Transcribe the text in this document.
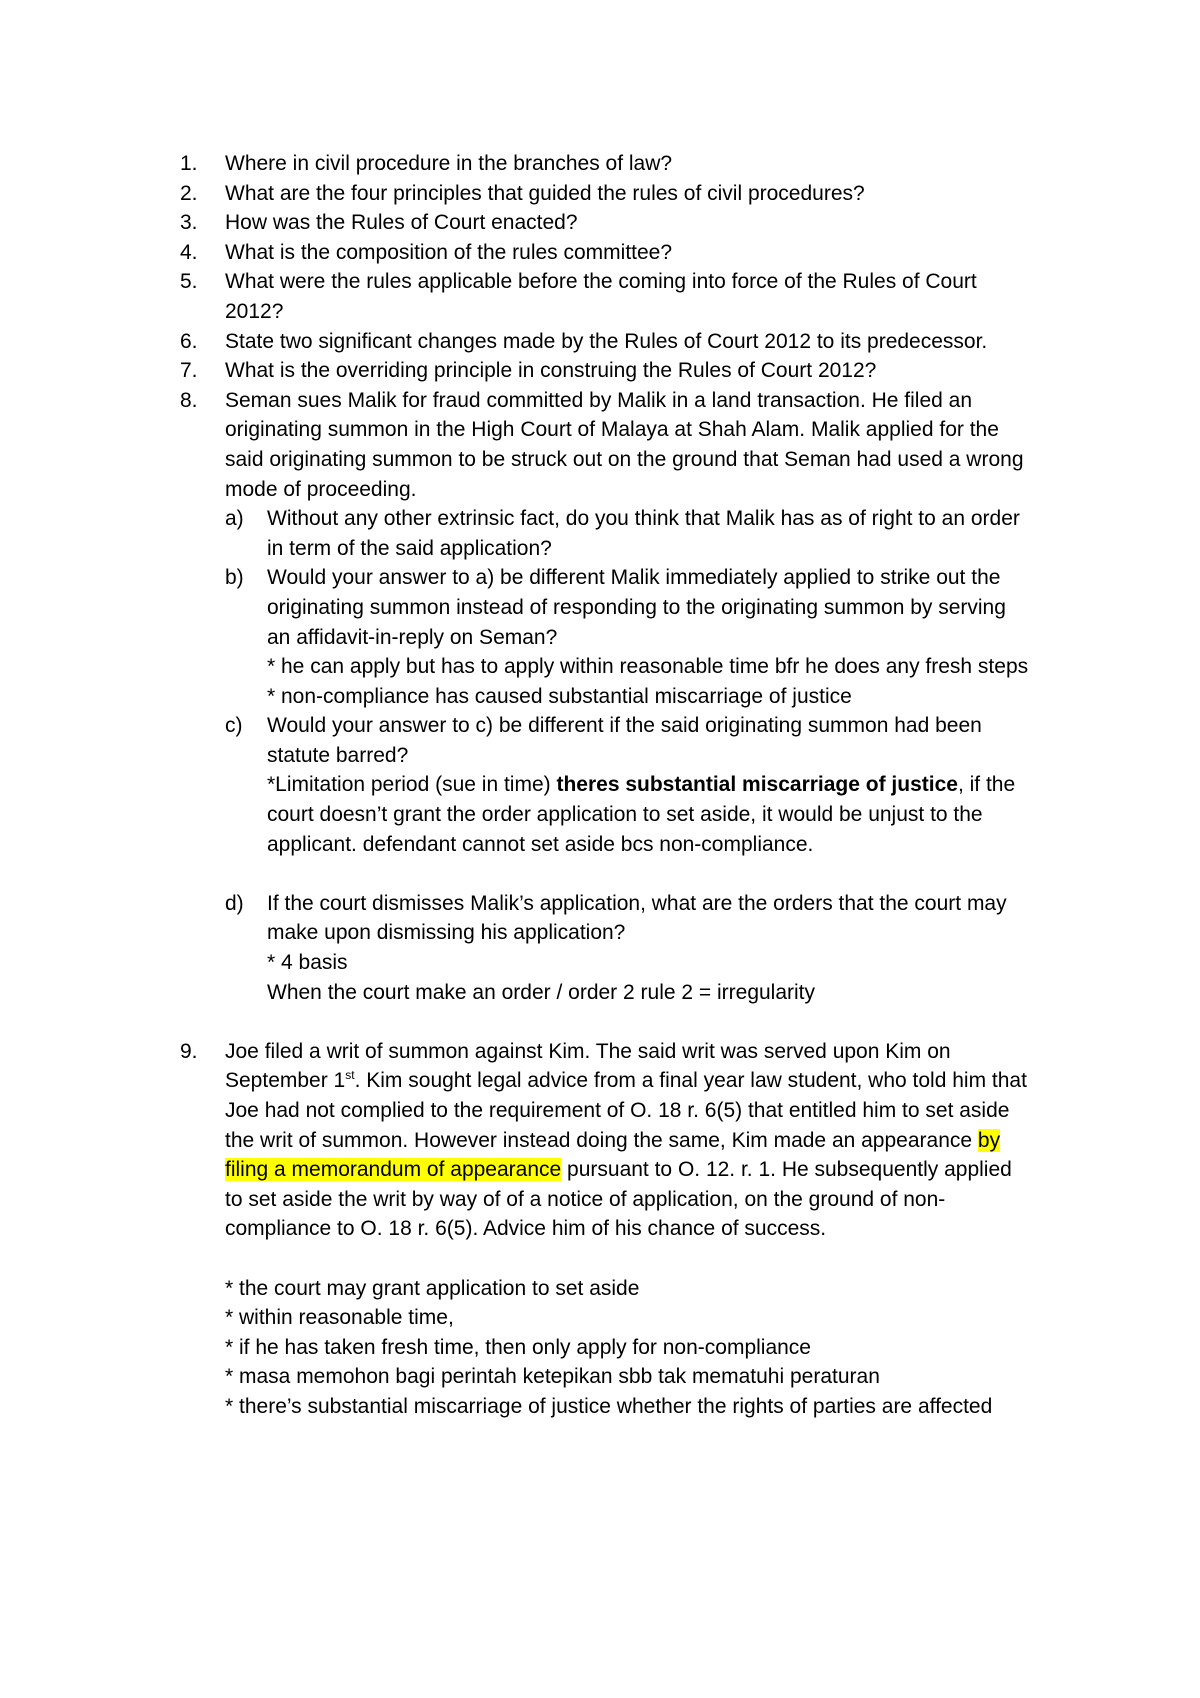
1.	Where in civil procedure in the branches of law?
2.	What are the four principles that guided the rules of civil procedures?
3.	How was the Rules of Court enacted?
4.	What is the composition of the rules committee?
5.	What were the rules applicable before the coming into force of the Rules of Court 2012?
6.	State two significant changes made by the Rules of Court 2012 to its predecessor.
7.	What is the overriding principle in construing the Rules of Court 2012?
8.	Seman sues Malik for fraud committed by Malik in a land transaction. He filed an originating summon in the High Court of Malaya at Shah Alam. Malik applied for the said originating summon to be struck out on the ground that Seman had used a wrong mode of proceeding.
a) Without any other extrinsic fact, do you think that Malik has as of right to an order in term of the said application?
b) Would your answer to a) be different Malik immediately applied to strike out the originating summon instead of responding to the originating summon by serving an affidavit-in-reply on Seman?
* he can apply but has to apply within reasonable time bfr he does any fresh steps * non-compliance has caused substantial miscarriage of justice
c) Would your answer to c) be different if the said originating summon had been statute barred?
*Limitation period (sue in time) theres substantial miscarriage of justice, if the court doesn’t grant the order application to set aside, it would be unjust to the applicant. defendant cannot set aside bcs non-compliance.
d) If the court dismisses Malik’s application, what are the orders that the court may make upon dismissing his application?
* 4 basis
When the court make an order / order 2 rule 2 = irregularity
9.	Joe filed a writ of summon against Kim. The said writ was served upon Kim on September 1st. Kim sought legal advice from a final year law student, who told him that Joe had not complied to the requirement of O. 18 r. 6(5) that entitled him to set aside the writ of summon. However instead doing the same, Kim made an appearance by filing a memorandum of appearance pursuant to O. 12. r. 1. He subsequently applied to set aside the writ by way of of a notice of application, on the ground of non-compliance to O. 18 r. 6(5). Advice him of his chance of success.
* the court may grant application to set aside
* within reasonable time,
* if he has taken fresh time, then only apply for non-compliance
* masa memohon bagi perintah ketepikan sbb tak mematuhi peraturan
* there’s substantial miscarriage of justice whether the rights of parties are affected
